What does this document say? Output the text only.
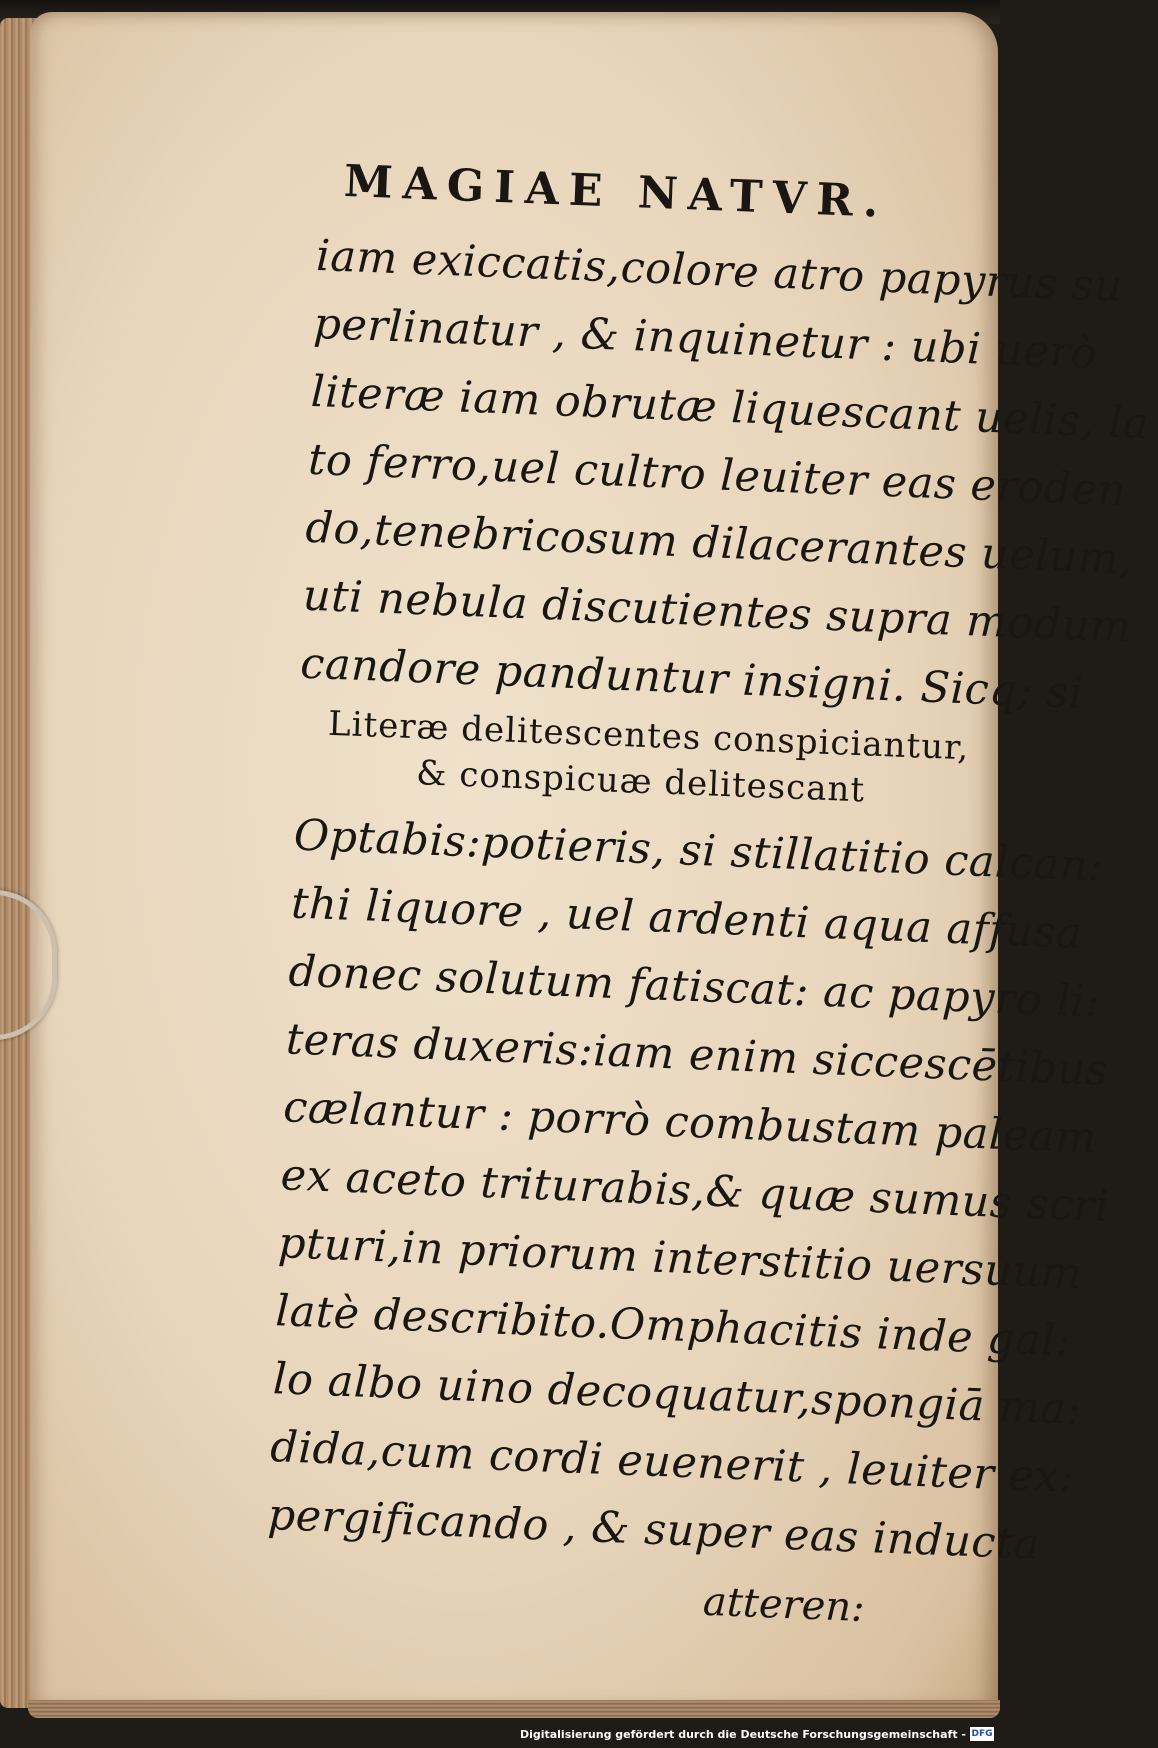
MAGIAE NATVR.
iam exiccatis,colore atro papyrus su
perlinatur , & inquinetur : ubi uerò
literæ iam obrutæ liquescant uelis, la
to ferro,uel cultro leuiter eas eroden
do,tenebricosum dilacerantes uelum,
uti nebula discutientes supra modum
candore panduntur insigni. Sicq; si
Literæ delitescentes conspiciantur,
& conspicuæ delitescant
Optabis:potieris, si stillatitio calcan:
thi liquore , uel ardenti aqua affusa
donec solutum fatiscat: ac papyro li:
teras duxeris:iam enim siccescētibus
cælantur : porrò combustam paleam
ex aceto triturabis,& quæ sumus scri
pturi,in priorum interstitio uersuum
latè describito.Omphacitis inde gal:
lo albo uino decoquatur,spongiā ma:
dida,cum cordi euenerit , leuiter ex:
pergificando , & super eas inducta
atteren:
Digitalisierung gefördert durch die Deutsche Forschungsgemeinschaft - DFG
